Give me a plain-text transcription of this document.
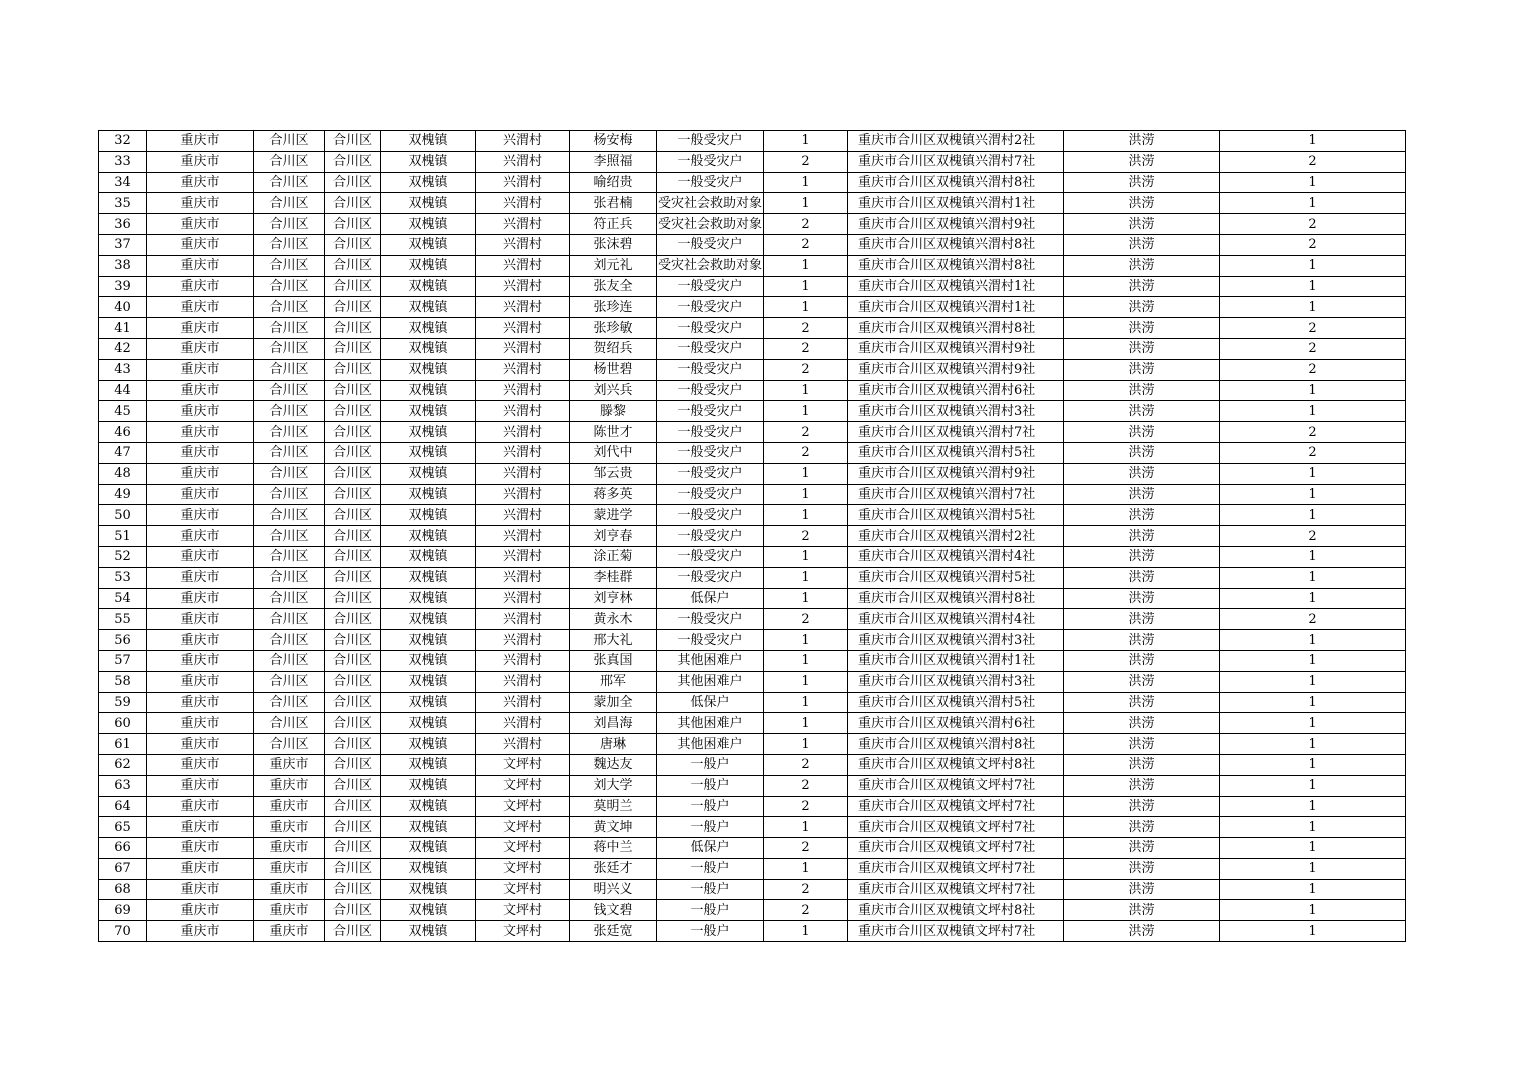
32	重庆市	合川区	合川区	双槐镇	兴渭村	杨安梅	一般受灾户	1	重庆市合川区双槐镇兴渭村2社	洪涝	1
33	重庆市	合川区	合川区	双槐镇	兴渭村	李照福	一般受灾户	2	重庆市合川区双槐镇兴渭村7社	洪涝	2
34	重庆市	合川区	合川区	双槐镇	兴渭村	喻绍贵	一般受灾户	1	重庆市合川区双槐镇兴渭村8社	洪涝	1
35	重庆市	合川区	合川区	双槐镇	兴渭村	张君楠	受灾社会救助对象	1	重庆市合川区双槐镇兴渭村1社	洪涝	1
36	重庆市	合川区	合川区	双槐镇	兴渭村	符正兵	受灾社会救助对象	2	重庆市合川区双槐镇兴渭村9社	洪涝	2
37	重庆市	合川区	合川区	双槐镇	兴渭村	张沫碧	一般受灾户	2	重庆市合川区双槐镇兴渭村8社	洪涝	2
38	重庆市	合川区	合川区	双槐镇	兴渭村	刘元礼	受灾社会救助对象	1	重庆市合川区双槐镇兴渭村8社	洪涝	1
39	重庆市	合川区	合川区	双槐镇	兴渭村	张友全	一般受灾户	1	重庆市合川区双槐镇兴渭村1社	洪涝	1
40	重庆市	合川区	合川区	双槐镇	兴渭村	张珍连	一般受灾户	1	重庆市合川区双槐镇兴渭村1社	洪涝	1
41	重庆市	合川区	合川区	双槐镇	兴渭村	张珍敏	一般受灾户	2	重庆市合川区双槐镇兴渭村8社	洪涝	2
42	重庆市	合川区	合川区	双槐镇	兴渭村	贺绍兵	一般受灾户	2	重庆市合川区双槐镇兴渭村9社	洪涝	2
43	重庆市	合川区	合川区	双槐镇	兴渭村	杨世碧	一般受灾户	2	重庆市合川区双槐镇兴渭村9社	洪涝	2
44	重庆市	合川区	合川区	双槐镇	兴渭村	刘兴兵	一般受灾户	1	重庆市合川区双槐镇兴渭村6社	洪涝	1
45	重庆市	合川区	合川区	双槐镇	兴渭村	滕黎	一般受灾户	1	重庆市合川区双槐镇兴渭村3社	洪涝	1
46	重庆市	合川区	合川区	双槐镇	兴渭村	陈世才	一般受灾户	2	重庆市合川区双槐镇兴渭村7社	洪涝	2
47	重庆市	合川区	合川区	双槐镇	兴渭村	刘代中	一般受灾户	2	重庆市合川区双槐镇兴渭村5社	洪涝	2
48	重庆市	合川区	合川区	双槐镇	兴渭村	邹云贵	一般受灾户	1	重庆市合川区双槐镇兴渭村9社	洪涝	1
49	重庆市	合川区	合川区	双槐镇	兴渭村	蒋多英	一般受灾户	1	重庆市合川区双槐镇兴渭村7社	洪涝	1
50	重庆市	合川区	合川区	双槐镇	兴渭村	蒙进学	一般受灾户	1	重庆市合川区双槐镇兴渭村5社	洪涝	1
51	重庆市	合川区	合川区	双槐镇	兴渭村	刘亨春	一般受灾户	2	重庆市合川区双槐镇兴渭村2社	洪涝	2
52	重庆市	合川区	合川区	双槐镇	兴渭村	涂正菊	一般受灾户	1	重庆市合川区双槐镇兴渭村4社	洪涝	1
53	重庆市	合川区	合川区	双槐镇	兴渭村	李桂群	一般受灾户	1	重庆市合川区双槐镇兴渭村5社	洪涝	1
54	重庆市	合川区	合川区	双槐镇	兴渭村	刘亨林	低保户	1	重庆市合川区双槐镇兴渭村8社	洪涝	1
55	重庆市	合川区	合川区	双槐镇	兴渭村	黄永木	一般受灾户	2	重庆市合川区双槐镇兴渭村4社	洪涝	2
56	重庆市	合川区	合川区	双槐镇	兴渭村	邢大礼	一般受灾户	1	重庆市合川区双槐镇兴渭村3社	洪涝	1
57	重庆市	合川区	合川区	双槐镇	兴渭村	张真国	其他困难户	1	重庆市合川区双槐镇兴渭村1社	洪涝	1
58	重庆市	合川区	合川区	双槐镇	兴渭村	邢军	其他困难户	1	重庆市合川区双槐镇兴渭村3社	洪涝	1
59	重庆市	合川区	合川区	双槐镇	兴渭村	蒙加全	低保户	1	重庆市合川区双槐镇兴渭村5社	洪涝	1
60	重庆市	合川区	合川区	双槐镇	兴渭村	刘昌海	其他困难户	1	重庆市合川区双槐镇兴渭村6社	洪涝	1
61	重庆市	合川区	合川区	双槐镇	兴渭村	唐琳	其他困难户	1	重庆市合川区双槐镇兴渭村8社	洪涝	1
62	重庆市	重庆市	合川区	双槐镇	文坪村	魏达友	一般户	2	重庆市合川区双槐镇文坪村8社	洪涝	1
63	重庆市	重庆市	合川区	双槐镇	文坪村	刘大学	一般户	2	重庆市合川区双槐镇文坪村7社	洪涝	1
64	重庆市	重庆市	合川区	双槐镇	文坪村	莫明兰	一般户	2	重庆市合川区双槐镇文坪村7社	洪涝	1
65	重庆市	重庆市	合川区	双槐镇	文坪村	黄文坤	一般户	1	重庆市合川区双槐镇文坪村7社	洪涝	1
66	重庆市	重庆市	合川区	双槐镇	文坪村	蒋中兰	低保户	2	重庆市合川区双槐镇文坪村7社	洪涝	1
67	重庆市	重庆市	合川区	双槐镇	文坪村	张廷才	一般户	1	重庆市合川区双槐镇文坪村7社	洪涝	1
68	重庆市	重庆市	合川区	双槐镇	文坪村	明兴义	一般户	2	重庆市合川区双槐镇文坪村7社	洪涝	1
69	重庆市	重庆市	合川区	双槐镇	文坪村	钱文碧	一般户	2	重庆市合川区双槐镇文坪村8社	洪涝	1
70	重庆市	重庆市	合川区	双槐镇	文坪村	张廷宽	一般户	1	重庆市合川区双槐镇文坪村7社	洪涝	1
